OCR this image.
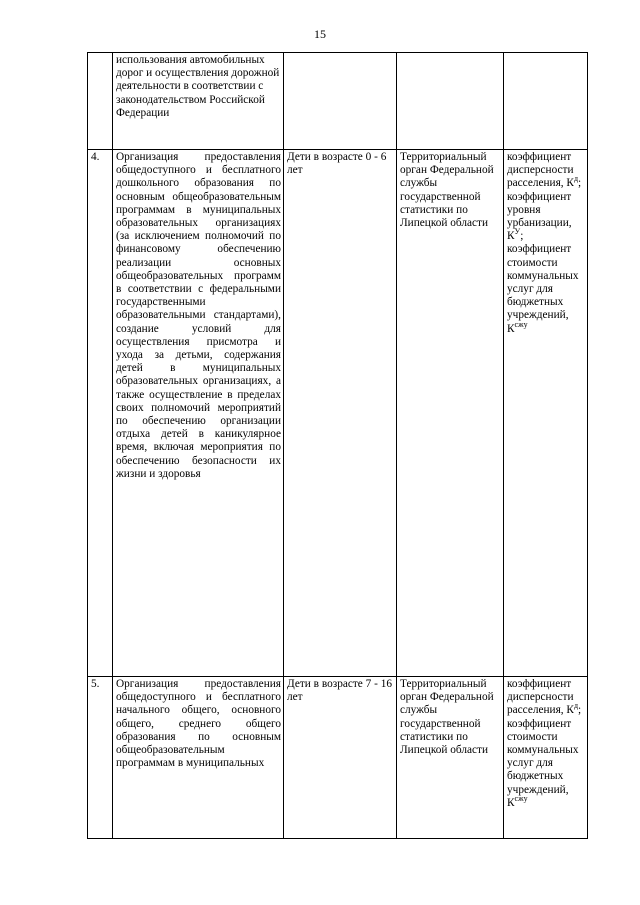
15
	использования автомобильных дорог и осуществления дорожной деятельности в соответствии с законодательством Российской Федерации			
4.	Организация предоставления общедоступного и бесплатного дошкольного образования по основным общеобразовательным программам в муниципальных образовательных организациях (за исключением полномочий по финансовому обеспечению реализации основных общеобразовательных программ в соответствии с федеральными государственными образовательными стандартами), создание условий для осуществления присмотра и ухода за детьми, содержания детей в муниципальных образовательных организациях, а также осуществление в пределах своих полномочий мероприятий по обеспечению организации отдыха детей в каникулярное время, включая мероприятия по обеспечению безопасности их жизни и здоровья	Дети в возрасте 0 - 6 лет	Территориальный орган Федеральной службы государственной статистики по Липецкой области	коэффициент дисперсности расселения, $К^д$; коэффициент уровня урбанизации, $К^У$; коэффициент стоимости коммунальных услуг для бюджетных учреждений, $К^{сжу}$
5.	Организация предоставления общедоступного и бесплатного начального общего, основного общего, среднего общего образования по основным общеобразовательным программам в муниципальных	Дети в возрасте 7 - 16 лет	Территориальный орган Федеральной службы государственной статистики по Липецкой области	коэффициент дисперсности расселения, $К^д$; коэффициент стоимости коммунальных услуг для бюджетных учреждений, $К^{сжу}$
